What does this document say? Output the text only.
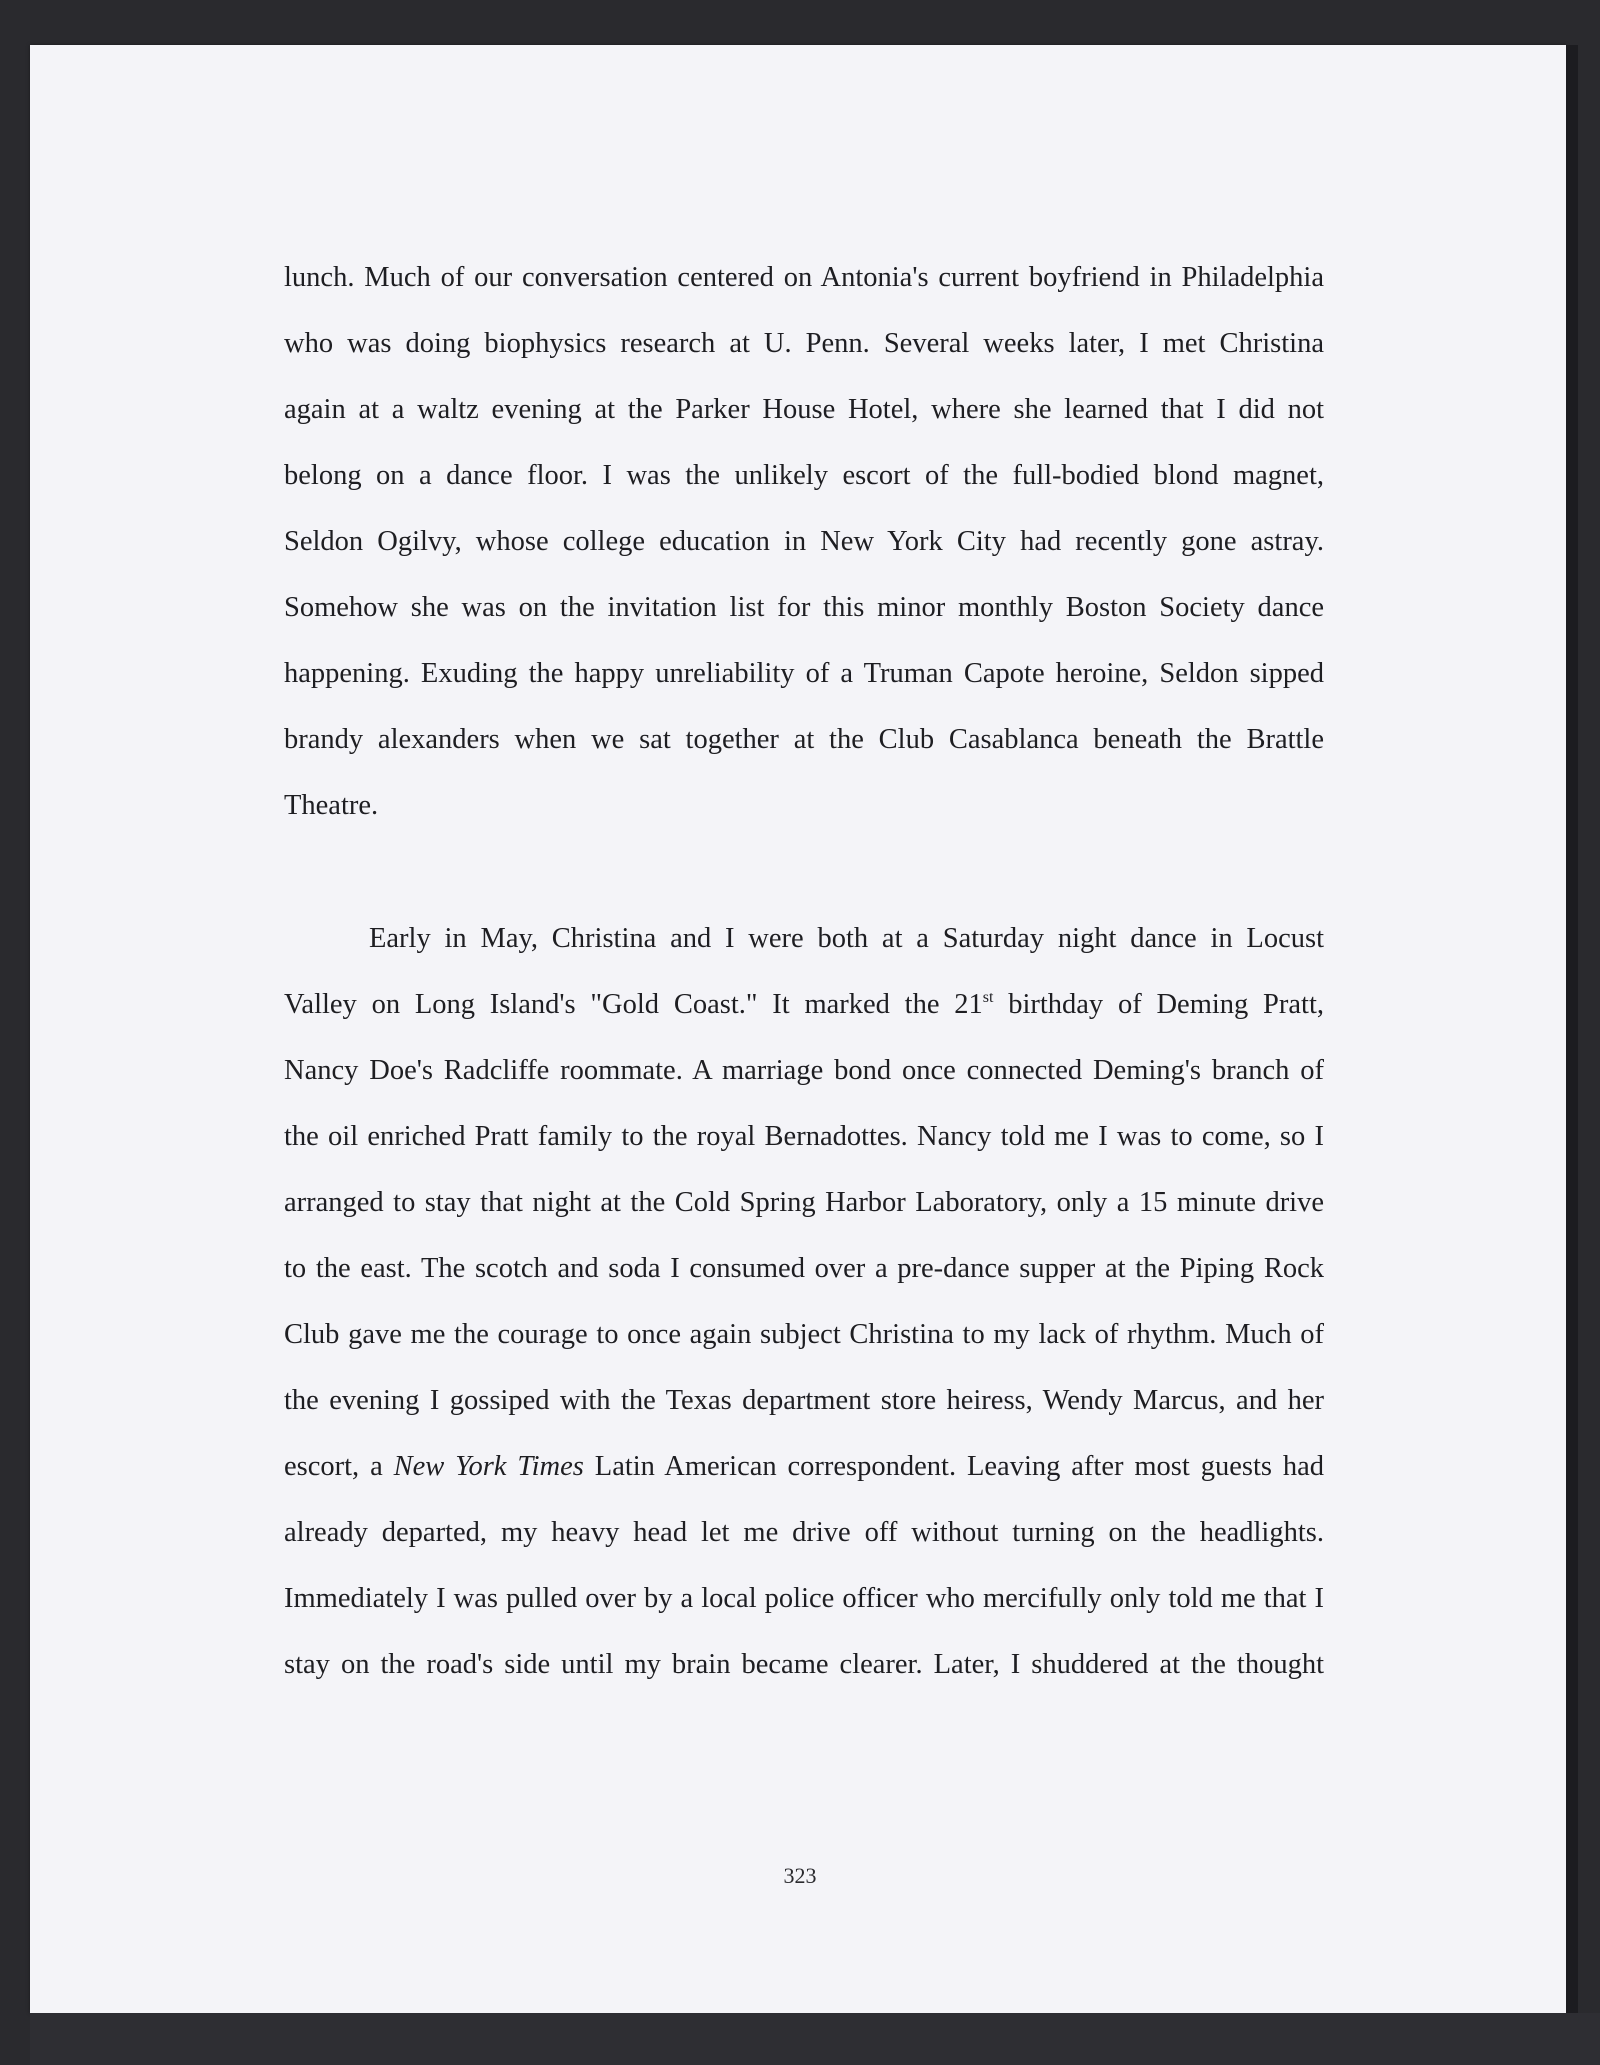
lunch. Much of our conversation centered on Antonia's current boyfriend in Philadelphia

who was doing biophysics research at U. Penn. Several weeks later, I met Christina

again at a waltz evening at the Parker House Hotel, where she learned that I did not

belong on a dance floor. I was the unlikely escort of the full-bodied blond magnet,

Seldon Ogilvy, whose college education in New York City had recently gone astray.

Somehow she was on the invitation list for this minor monthly Boston Society dance

happening. Exuding the happy unreliability of a Truman Capote heroine, Seldon sipped

brandy alexanders when we sat together at the Club Casablanca beneath the Brattle

Theatre.

Early in May, Christina and I were both at a Saturday night dance in Locust

Valley on Long Island's "Gold Coast." It marked the 21st birthday of Deming Pratt,

Nancy Doe's Radcliffe roommate. A marriage bond once connected Deming's branch of

the oil enriched Pratt family to the royal Bernadottes. Nancy told me I was to come, so I

arranged to stay that night at the Cold Spring Harbor Laboratory, only a 15 minute drive

to the east. The scotch and soda I consumed over a pre-dance supper at the Piping Rock

Club gave me the courage to once again subject Christina to my lack of rhythm. Much of

the evening I gossiped with the Texas department store heiress, Wendy Marcus, and her

escort, a New York Times Latin American correspondent. Leaving after most guests had

already departed, my heavy head let me drive off without turning on the headlights.

Immediately I was pulled over by a local police officer who mercifully only told me that I

stay on the road's side until my brain became clearer. Later, I shuddered at the thought

323
